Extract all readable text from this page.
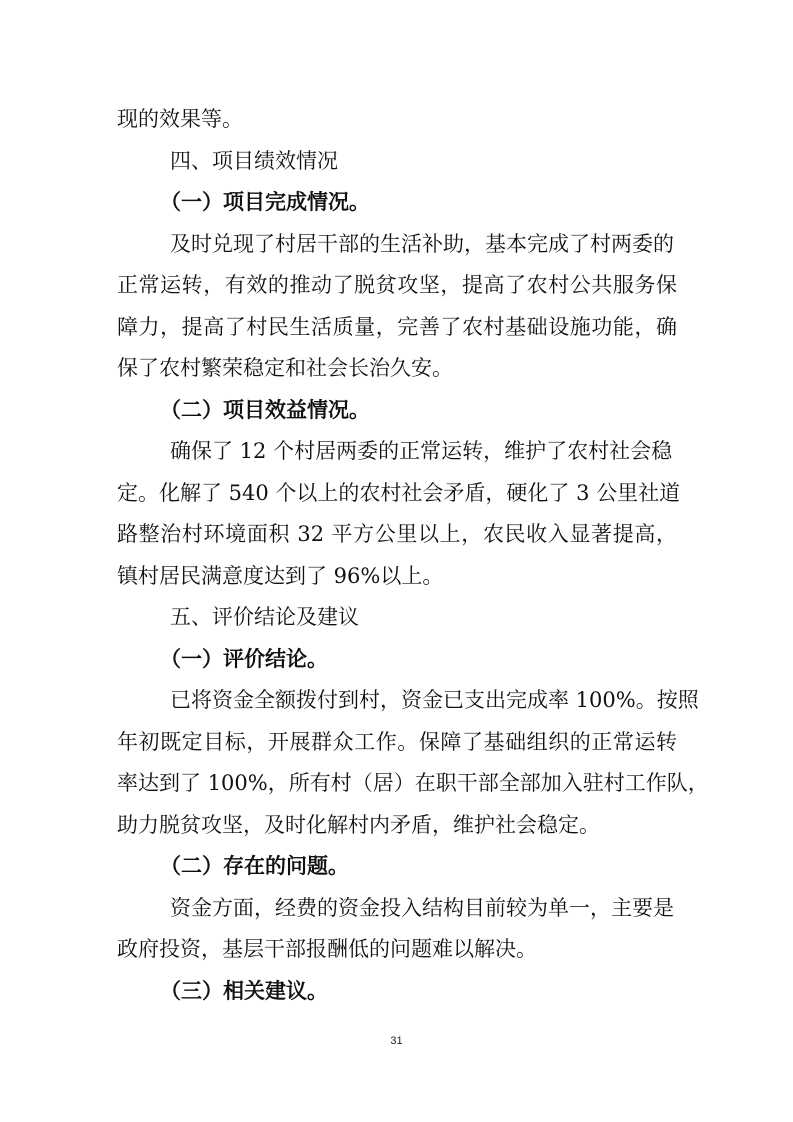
现的效果等。
四、项目绩效情况
（一）项目完成情况。
及时兑现了村居干部的生活补助，基本完成了村两委的
正常运转，有效的推动了脱贫攻坚，提高了农村公共服务保
障力，提高了村民生活质量，完善了农村基础设施功能，确
保了农村繁荣稳定和社会长治久安。
（二）项目效益情况。
确保了 12 个村居两委的正常运转，维护了农村社会稳
定。化解了 540 个以上的农村社会矛盾，硬化了 3 公里社道
路整治村环境面积 32 平方公里以上，农民收入显著提高，
镇村居民满意度达到了 96%以上。
五、评价结论及建议
（一）评价结论。
已将资金全额拨付到村，资金已支出完成率 100%。按照
年初既定目标，开展群众工作。保障了基础组织的正常运转
率达到了 100%，所有村（居）在职干部全部加入驻村工作队，
助力脱贫攻坚，及时化解村内矛盾，维护社会稳定。
（二）存在的问题。
资金方面，经费的资金投入结构目前较为单一，主要是
政府投资，基层干部报酬低的问题难以解决。
31
（三）相关建议。
